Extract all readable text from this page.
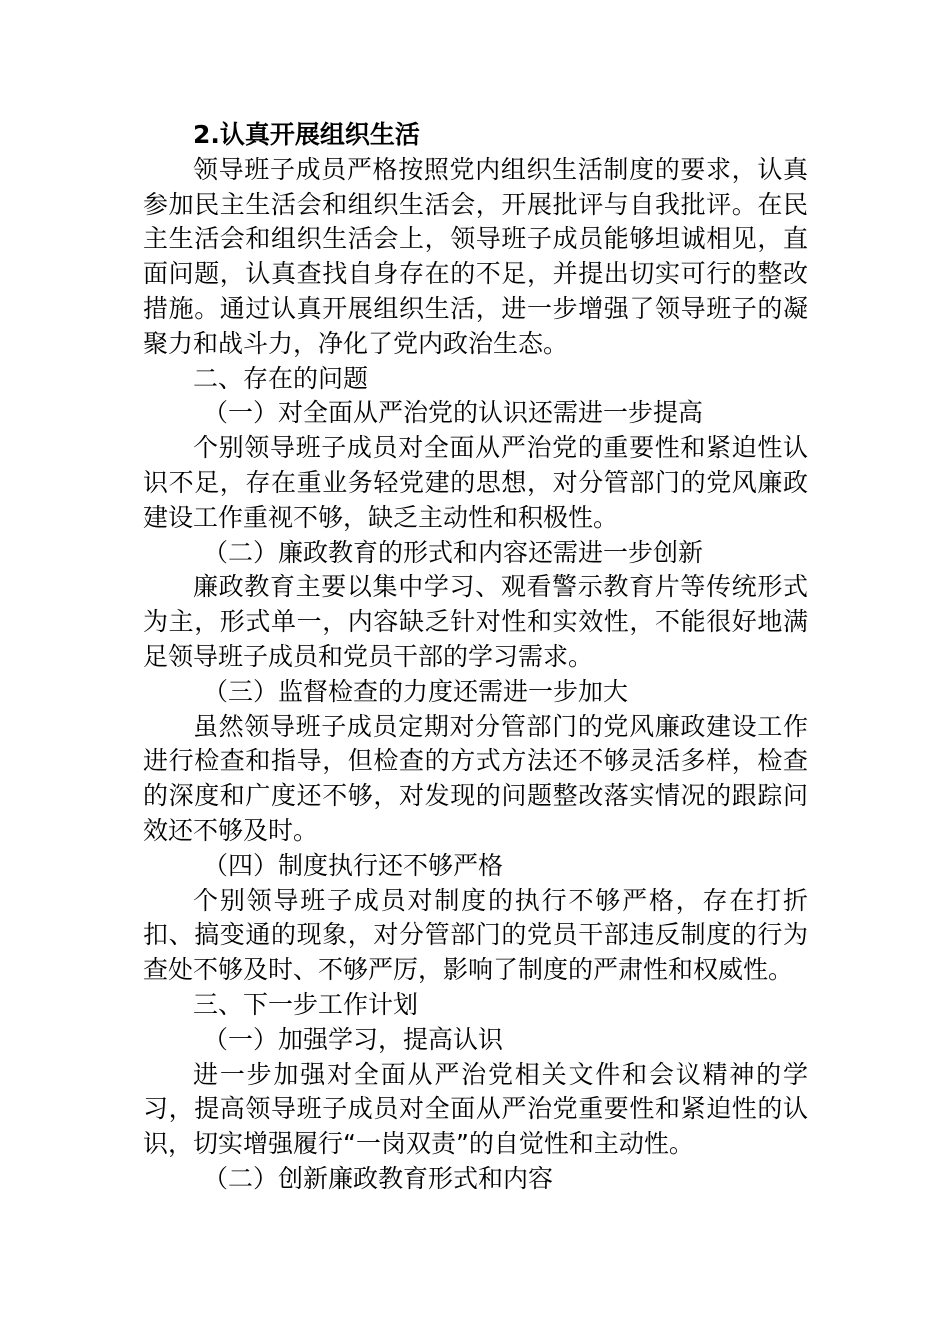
2.认真开展组织生活

领导班子成员严格按照党内组织生活制度的要求，认真参加民主生活会和组织生活会，开展批评与自我批评。在民主生活会和组织生活会上，领导班子成员能够坦诚相见，直面问题，认真查找自身存在的不足，并提出切实可行的整改措施。通过认真开展组织生活，进一步增强了领导班子的凝聚力和战斗力，净化了党内政治生态。

二、存在的问题

（一）对全面从严治党的认识还需进一步提高

个别领导班子成员对全面从严治党的重要性和紧迫性认识不足，存在重业务轻党建的思想，对分管部门的党风廉政建设工作重视不够，缺乏主动性和积极性。

（二）廉政教育的形式和内容还需进一步创新

廉政教育主要以集中学习、观看警示教育片等传统形式为主，形式单一，内容缺乏针对性和实效性，不能很好地满足领导班子成员和党员干部的学习需求。

（三）监督检查的力度还需进一步加大

虽然领导班子成员定期对分管部门的党风廉政建设工作进行检查和指导，但检查的方式方法还不够灵活多样，检查的深度和广度还不够，对发现的问题整改落实情况的跟踪问效还不够及时。

（四）制度执行还不够严格

个别领导班子成员对制度的执行不够严格，存在打折扣、搞变通的现象，对分管部门的党员干部违反制度的行为查处不够及时、不够严厉，影响了制度的严肃性和权威性。

三、下一步工作计划

（一）加强学习，提高认识

进一步加强对全面从严治党相关文件和会议精神的学习，提高领导班子成员对全面从严治党重要性和紧迫性的认识，切实增强履行“一岗双责”的自觉性和主动性。

（二）创新廉政教育形式和内容
